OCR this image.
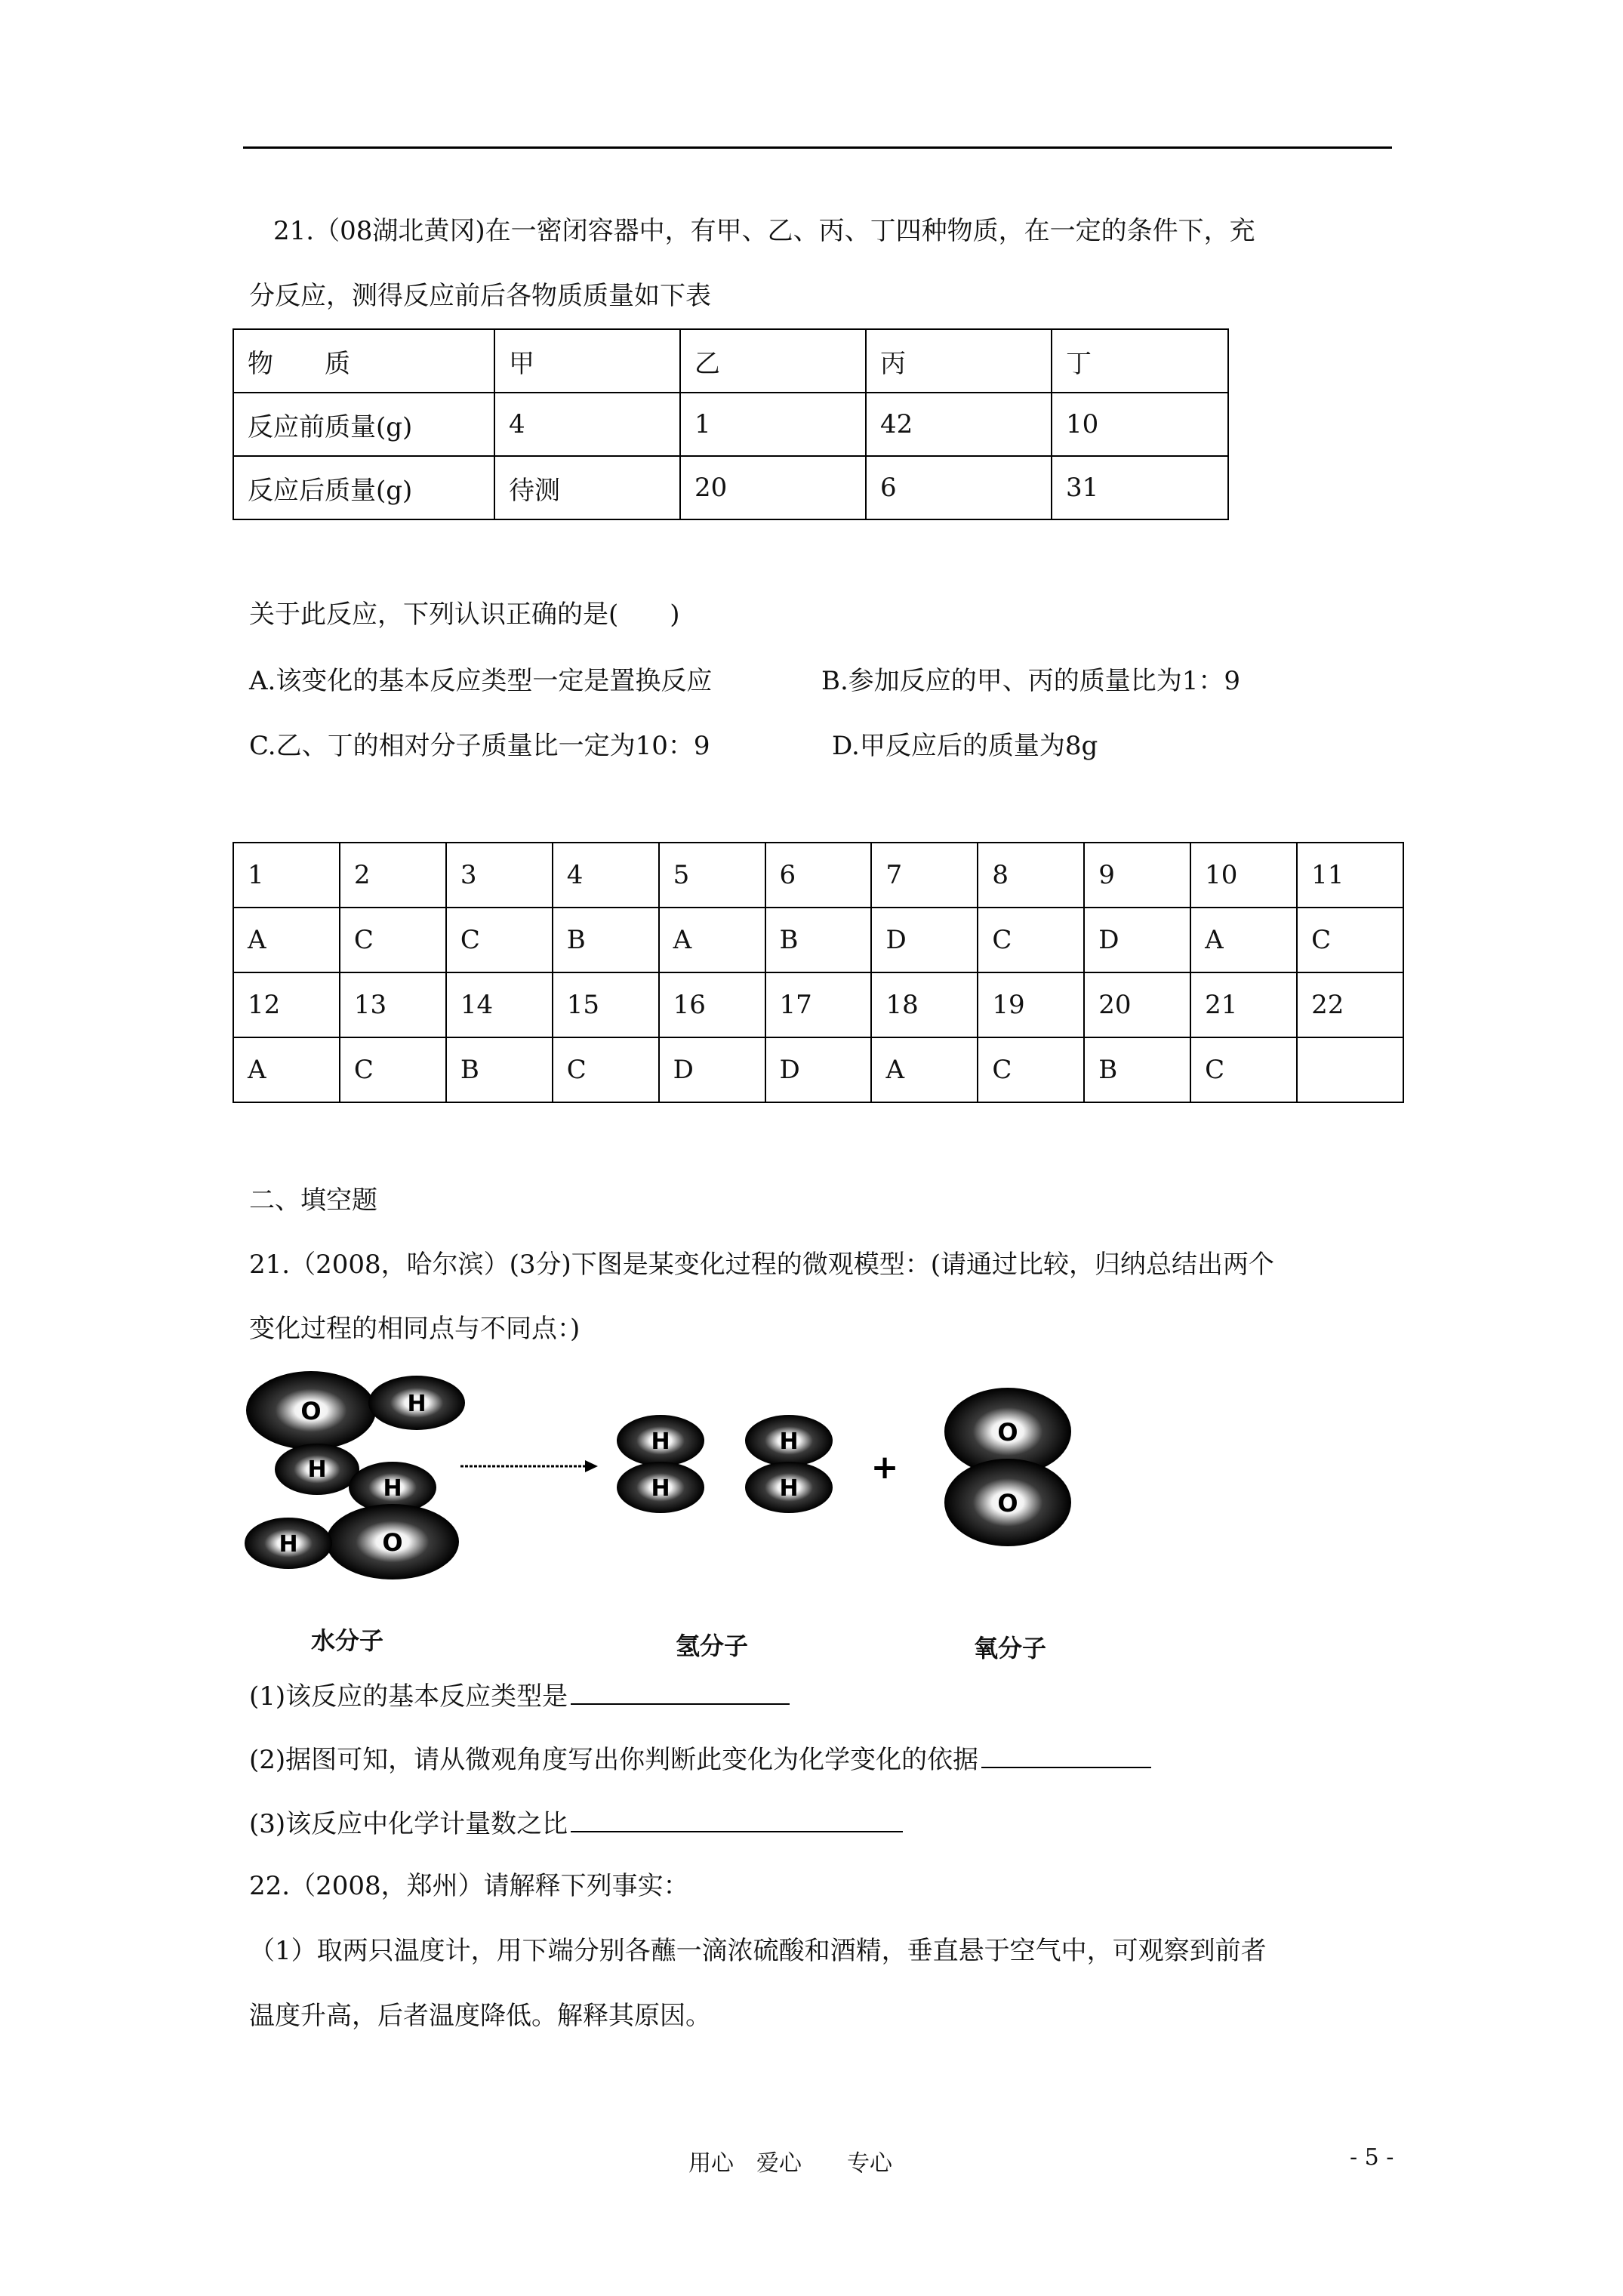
21.（08湖北黄冈)在一密闭容器中，有甲、乙、丙、丁四种物质，在一定的条件下，充
分反应，测得反应前后各物质质量如下表
物　　质	甲	乙	丙	丁
反应前质量(g)	4	1	42	10
反应后质量(g)	待测	20	6	31
关于此反应，下列认识正确的是(　　)
A.该变化的基本反应类型一定是置换反应	B.参加反应的甲、丙的质量比为1：9
C.乙、丁的相对分子质量比一定为10：9	D.甲反应后的质量为8g
1	2	3	4	5	6	7	8	9	10	11
A	C	C	B	A	B	D	C	D	A	C
12	13	14	15	16	17	18	19	20	21	22
A	C	B	C	D	D	A	C	B	C	
二、填空题
21.（2008，哈尔滨）(3分)下图是某变化过程的微观模型：(请通过比较，归纳总结出两个
变化过程的相同点与不同点：)
O	H
H
H
O
H
H
H
H
H
+
O
O
水分子	氢分子	氧分子
(1)该反应的基本反应类型是
(2)据图可知，请从微观角度写出你判断此变化为化学变化的依据
(3)该反应中化学计量数之比
22.（2008，郑州）请解释下列事实：
（1）取两只温度计，用下端分别各蘸一滴浓硫酸和酒精，垂直悬于空气中，可观察到前者
温度升高，后者温度降低。解释其原因。
用心　爱心　　专心	- 5 -
